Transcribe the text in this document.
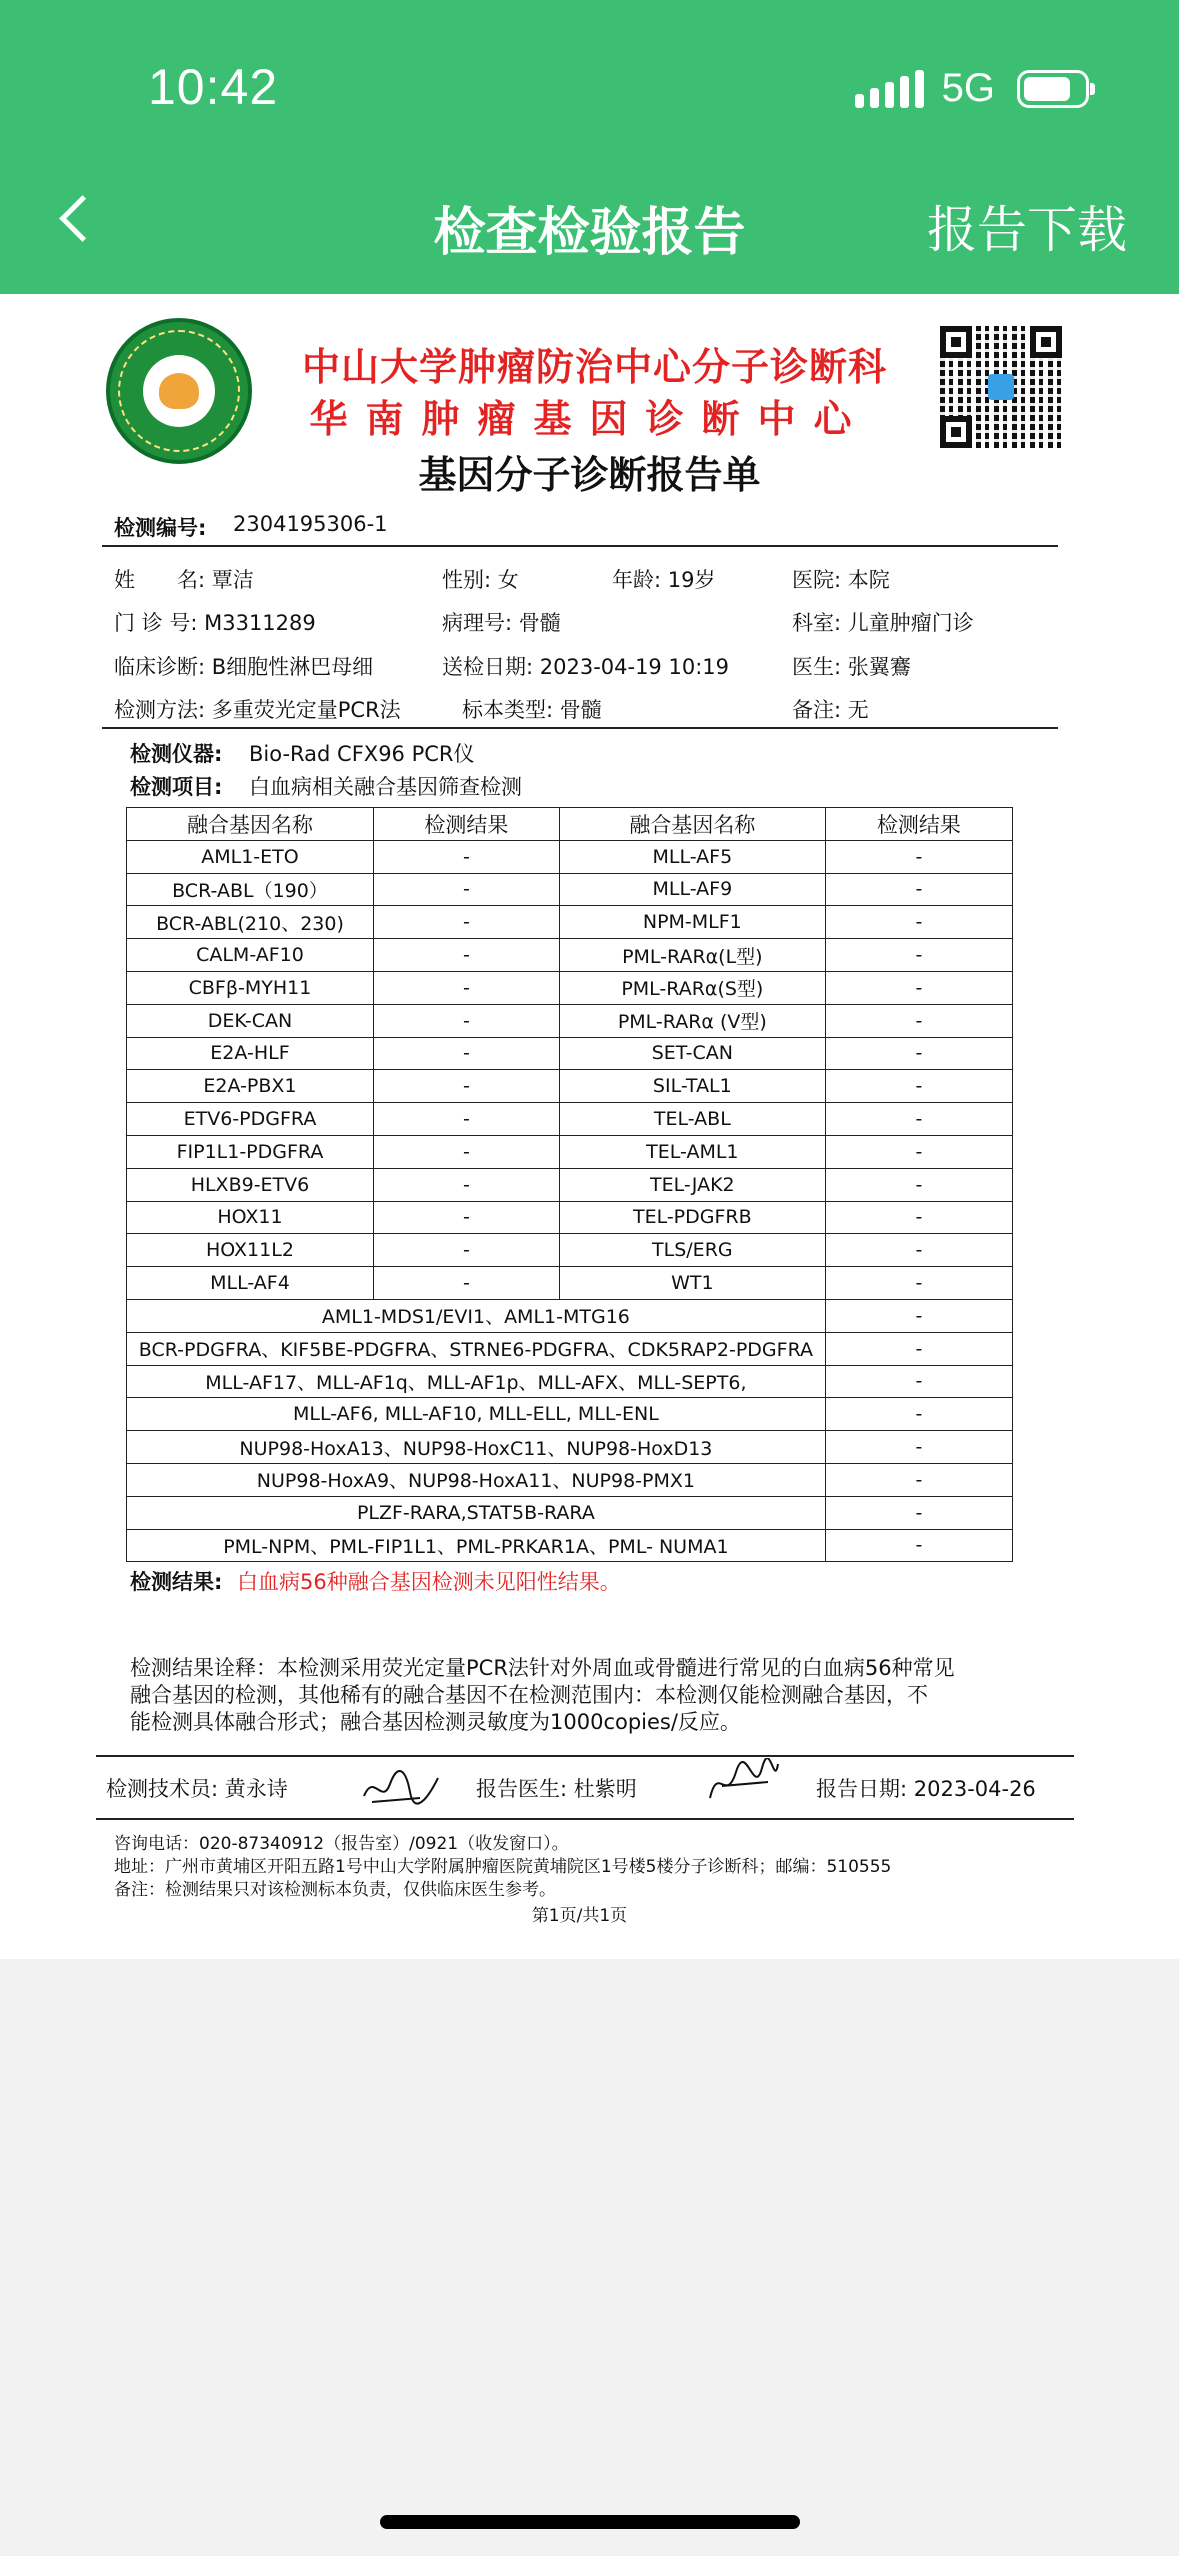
10:42	5G
检查检验报告	报告下载
中山大学肿瘤防治中心分子诊断科
华南肿瘤基因诊断中心
基因分子诊断报告单
检测编号: 2304195306-1
姓　　名: 覃洁	性别: 女	年龄: 19岁	医院: 本院
门 诊 号: M3311289	病理号: 骨髓	科室: 儿童肿瘤门诊
临床诊断: B细胞性淋巴母细	送检日期: 2023-04-19 10:19	医生: 张翼鶱
检测方法: 多重荧光定量PCR法	标本类型: 骨髓	备注: 无
检测仪器: Bio-Rad CFX96 PCR仪
检测项目: 白血病相关融合基因筛查检测
融合基因名称	检测结果	融合基因名称	检测结果
AML1-ETO	-	MLL-AF5	-
BCR-ABL（190）	-	MLL-AF9	-
BCR-ABL(210、230)	-	NPM-MLF1	-
CALM-AF10	-	PML-RARα(L型)	-
CBFβ-MYH11	-	PML-RARα(S型)	-
DEK-CAN	-	PML-RARα (V型)	-
E2A-HLF	-	SET-CAN	-
E2A-PBX1	-	SIL-TAL1	-
ETV6-PDGFRA	-	TEL-ABL	-
FIP1L1-PDGFRA	-	TEL-AML1	-
HLXB9-ETV6	-	TEL-JAK2	-
HOX11	-	TEL-PDGFRB	-
HOX11L2	-	TLS/ERG	-
MLL-AF4	-	WT1	-
AML1-MDS1/EVI1、AML1-MTG16			-
BCR-PDGFRA、KIF5BE-PDGFRA、STRNE6-PDGFRA、CDK5RAP2-PDGFRA			-
MLL-AF17、MLL-AF1q、MLL-AF1p、MLL-AFX、MLL-SEPT6,			-
MLL-AF6, MLL-AF10, MLL-ELL, MLL-ENL			-
NUP98-HoxA13、NUP98-HoxC11、NUP98-HoxD13			-
NUP98-HoxA9、NUP98-HoxA11、NUP98-PMX1			-
PLZF-RARA,STAT5B-RARA			-
PML-NPM、PML-FIP1L1、PML-PRKAR1A、PML- NUMA1			-
检测结果: 白血病56种融合基因检测未见阳性结果。
检测结果诠释：本检测采用荧光定量PCR法针对外周血或骨髓进行常见的白血病56种常见
融合基因的检测，其他稀有的融合基因不在检测范围内：本检测仅能检测融合基因，不
能检测具体融合形式；融合基因检测灵敏度为1000copies/反应。
检测技术员: 黄永诗	报告医生: 杜紫明	报告日期: 2023-04-26
咨询电话：020-87340912（报告室）/0921（收发窗口）。
地址：广州市黄埔区开阳五路1号中山大学附属肿瘤医院黄埔院区1号楼5楼分子诊断科；邮编：510555
备注：检测结果只对该检测标本负责，仅供临床医生参考。
第1页/共1页
